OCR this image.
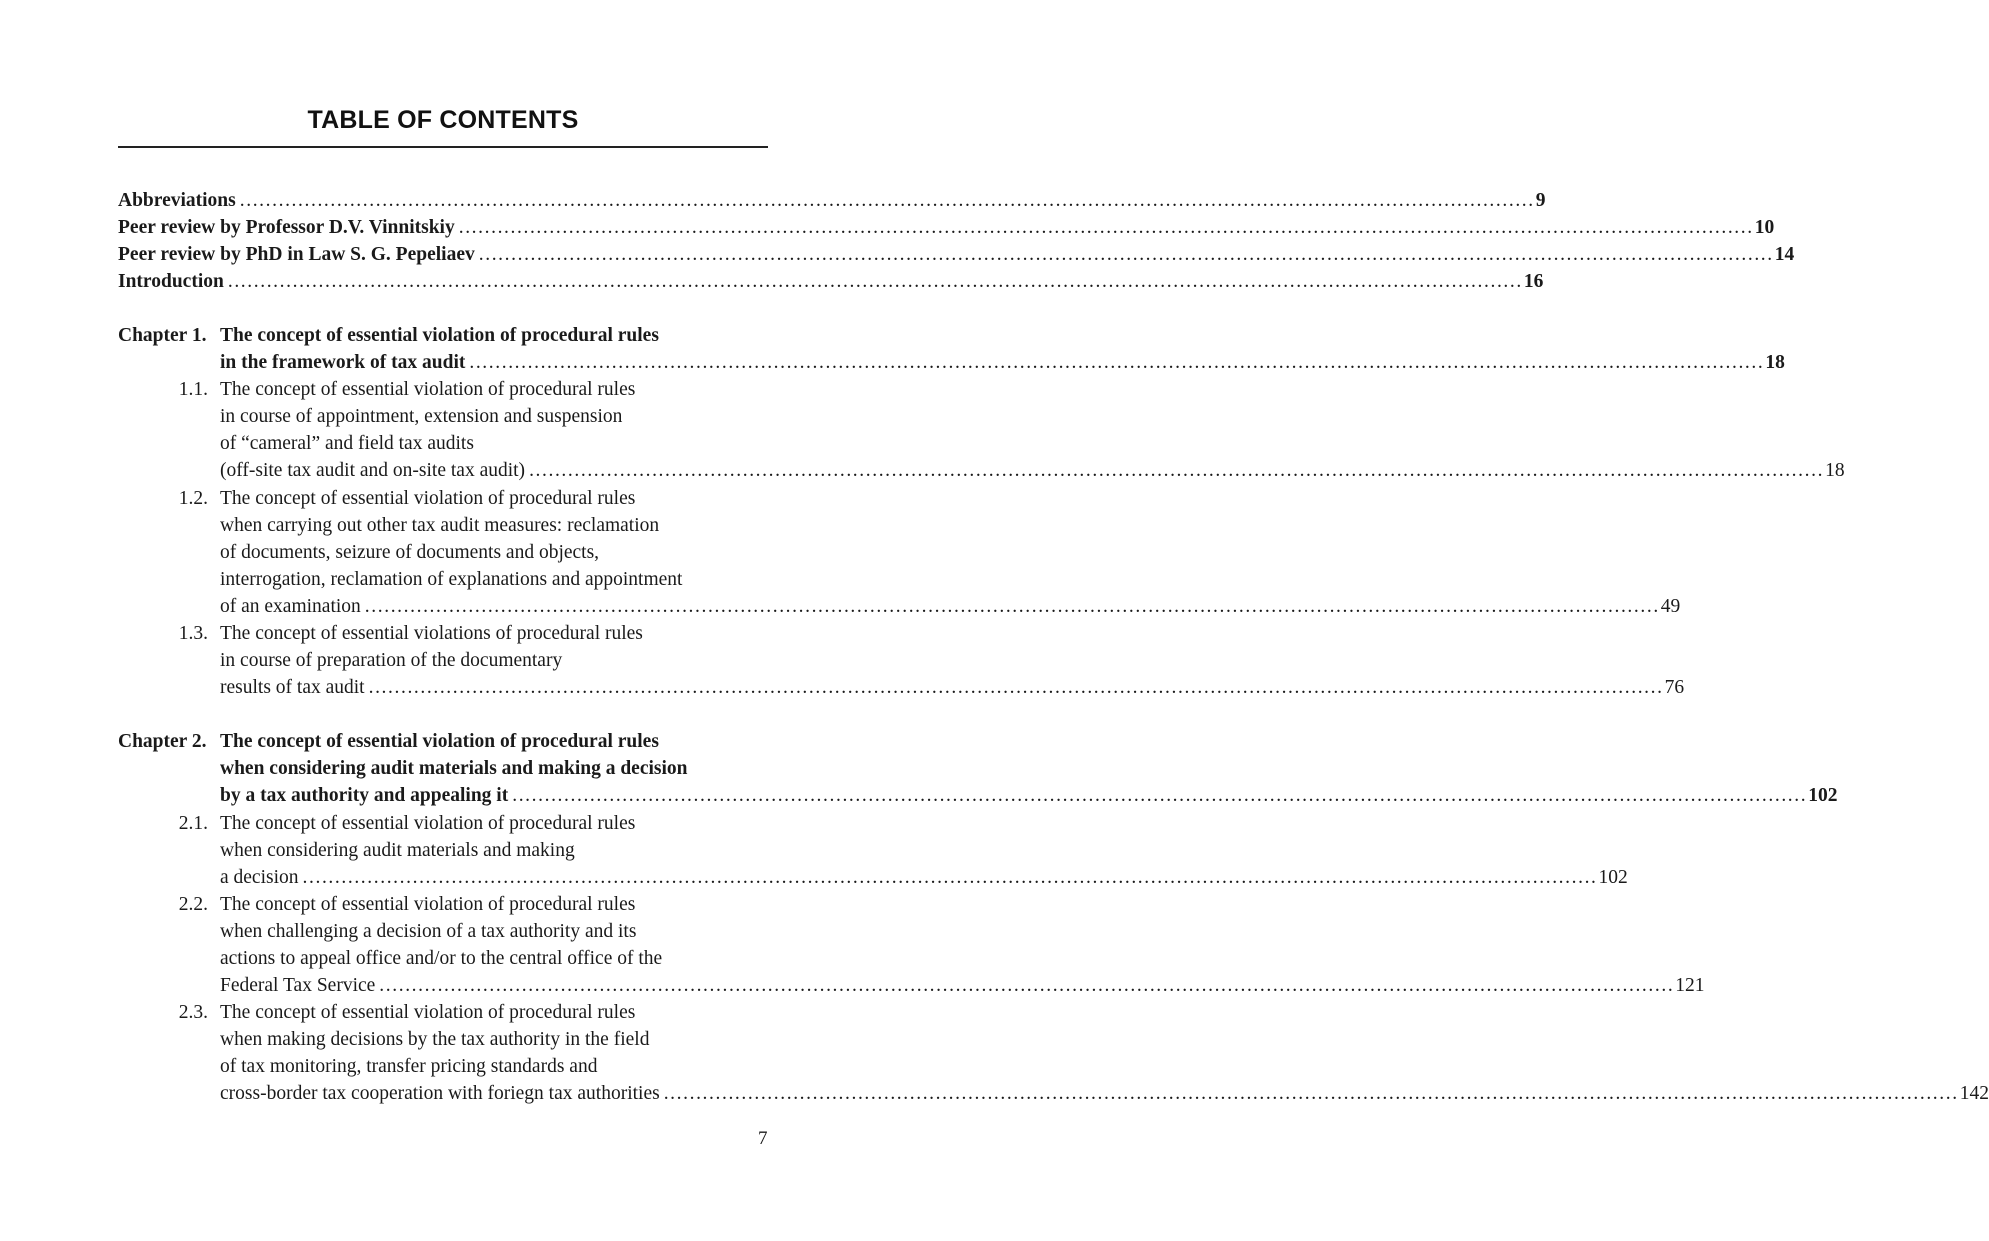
TABLE OF CONTENTS
Abbreviations ........................................................................................................................................................................................................ 9
Peer review by Professor D.V. Vinnitskiy ........................................................................................................................................................................................................ 10
Peer review by PhD in Law S. G. Pepeliaev ........................................................................................................................................................................................................ 14
Introduction ........................................................................................................................................................................................................ 16
Chapter 1. The concept of essential violation of procedural rules
in the framework of tax audit ........................................................................................................................................................................................................ 18
1.1. The concept of essential violation of procedural rules
in course of appointment, extension and suspension
of “cameral” and field tax audits
(off-site tax audit and on-site tax audit) ........................................................................................................................................................................................................ 18
1.2. The concept of essential violation of procedural rules
when carrying out other tax audit measures: reclamation
of documents, seizure of documents and objects,
interrogation, reclamation of explanations and appointment
of an examination ........................................................................................................................................................................................................ 49
1.3. The concept of essential violations of procedural rules
in course of preparation of the documentary
results of tax audit ........................................................................................................................................................................................................ 76
Chapter 2. The concept of essential violation of procedural rules
when considering audit materials and making a decision
by a tax authority and appealing it ........................................................................................................................................................................................................ 102
2.1. The concept of essential violation of procedural rules
when considering audit materials and making
a decision ........................................................................................................................................................................................................ 102
2.2. The concept of essential violation of procedural rules
when challenging a decision of a tax authority and its
actions to appeal office and/or to the central office of the
Federal Tax Service ........................................................................................................................................................................................................ 121
2.3. The concept of essential violation of procedural rules
when making decisions by the tax authority in the field
of tax monitoring, transfer pricing standards and
cross-border tax cooperation with foriegn tax authorities ........................................................................................................................................................................................................ 142
7
